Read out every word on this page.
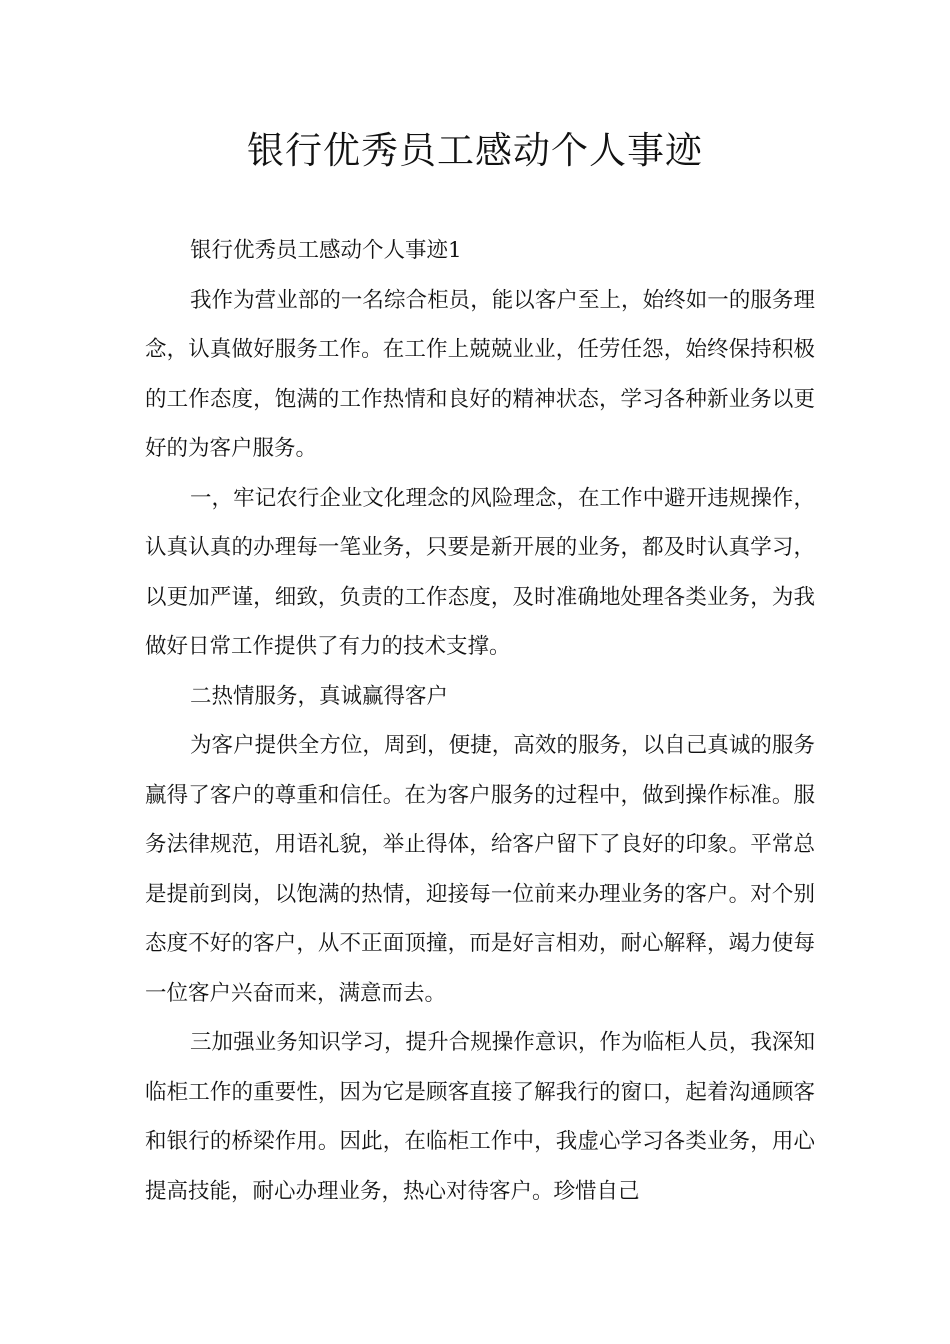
银行优秀员工感动个人事迹

银行优秀员工感动个人事迹1

我作为营业部的一名综合柜员，能以客户至上，始终如一的服务理念，认真做好服务工作。在工作上兢兢业业，任劳任怨，始终保持积极的工作态度，饱满的工作热情和良好的精神状态，学习各种新业务以更好的为客户服务。

一，牢记农行企业文化理念的风险理念，在工作中避开违规操作，认真认真的办理每一笔业务，只要是新开展的业务，都及时认真学习，以更加严谨，细致，负责的工作态度，及时准确地处理各类业务，为我做好日常工作提供了有力的技术支撑。

二热情服务，真诚赢得客户

为客户提供全方位，周到，便捷，高效的服务，以自己真诚的服务赢得了客户的尊重和信任。在为客户服务的过程中，做到操作标准。服务法律规范，用语礼貌，举止得体，给客户留下了良好的印象。平常总是提前到岗，以饱满的热情，迎接每一位前来办理业务的客户。对个别态度不好的客户，从不正面顶撞，而是好言相劝，耐心解释，竭力使每一位客户兴奋而来，满意而去。

三加强业务知识学习，提升合规操作意识，作为临柜人员，我深知临柜工作的重要性，因为它是顾客直接了解我行的窗口，起着沟通顾客和银行的桥梁作用。因此，在临柜工作中，我虚心学习各类业务，用心提高技能，耐心办理业务，热心对待客户。珍惜自己
